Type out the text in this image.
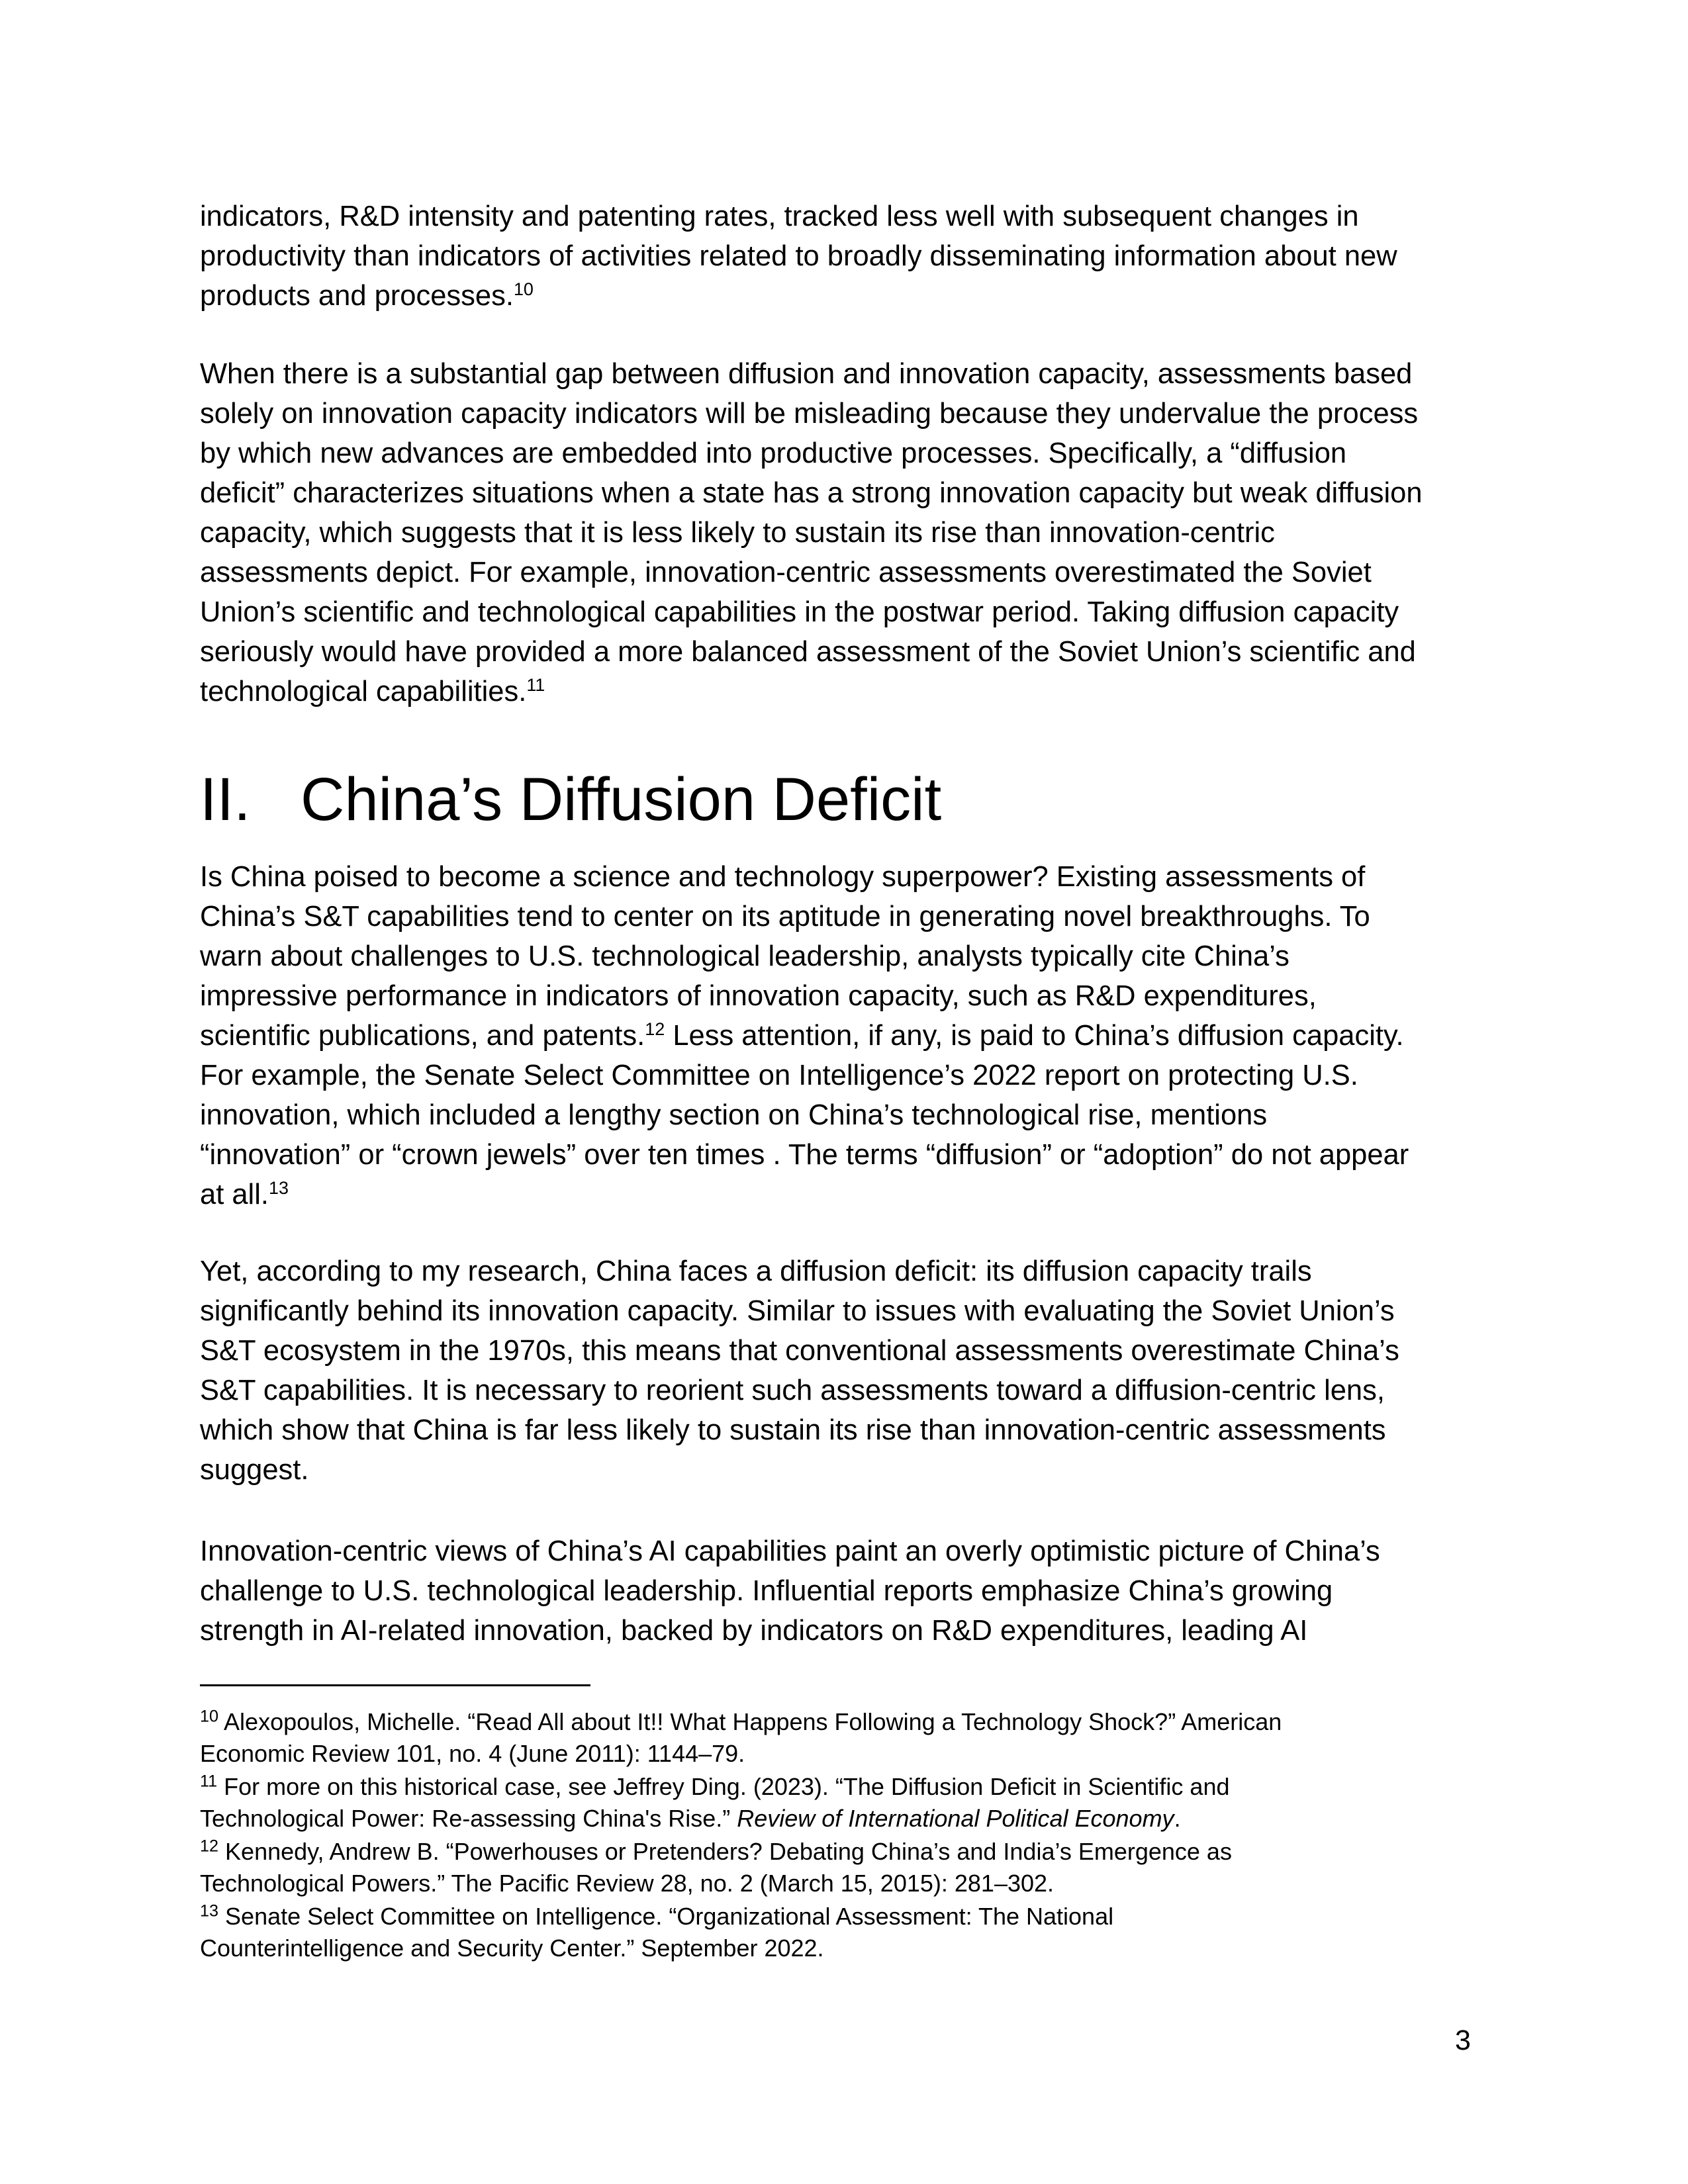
indicators, R&D intensity and patenting rates, tracked less well with subsequent changes in
productivity than indicators of activities related to broadly disseminating information about new
products and processes.$^{10}$
When there is a substantial gap between diffusion and innovation capacity, assessments based
solely on innovation capacity indicators will be misleading because they undervalue the process
by which new advances are embedded into productive processes. Specifically, a “diffusion
deficit” characterizes situations when a state has a strong innovation capacity but weak diffusion
capacity, which suggests that it is less likely to sustain its rise than innovation-centric
assessments depict. For example, innovation-centric assessments overestimated the Soviet
Union’s scientific and technological capabilities in the postwar period. Taking diffusion capacity
seriously would have provided a more balanced assessment of the Soviet Union’s scientific and
technological capabilities.$^{11}$
Is China poised to become a science and technology superpower? Existing assessments of
China’s S&T capabilities tend to center on its aptitude in generating novel breakthroughs. To
warn about challenges to U.S. technological leadership, analysts typically cite China’s
impressive performance in indicators of innovation capacity, such as R&D expenditures,
scientific publications, and patents.$^{12}$ Less attention, if any, is paid to China’s diffusion capacity.
For example, the Senate Select Committee on Intelligence’s 2022 report on protecting U.S.
innovation, which included a lengthy section on China’s technological rise, mentions
“innovation” or “crown jewels” over ten times . The terms “diffusion” or “adoption” do not appear
at all.$^{13}$
Yet, according to my research, China faces a diffusion deficit: its diffusion capacity trails
significantly behind its innovation capacity. Similar to issues with evaluating the Soviet Union’s
S&T ecosystem in the 1970s, this means that conventional assessments overestimate China’s
S&T capabilities. It is necessary to reorient such assessments toward a diffusion-centric lens,
which show that China is far less likely to sustain its rise than innovation-centric assessments
suggest.
Innovation-centric views of China’s AI capabilities paint an overly optimistic picture of China’s
challenge to U.S. technological leadership. Influential reports emphasize China’s growing
strength in AI-related innovation, backed by indicators on R&D expenditures, leading AI
II. China’s Diffusion Deficit
$^{10}$ Alexopoulos, Michelle. “Read All about It!! What Happens Following a Technology Shock?” American
Economic Review 101, no. 4 (June 2011): 1144–79.
$^{11}$ For more on this historical case, see Jeffrey Ding. (2023). “The Diffusion Deficit in Scientific and
Technological Power: Re-assessing China's Rise.” Review of International Political Economy.
$^{12}$ Kennedy, Andrew B. “Powerhouses or Pretenders? Debating China’s and India’s Emergence as
Technological Powers.” The Pacific Review 28, no. 2 (March 15, 2015): 281–302.
$^{13}$ Senate Select Committee on Intelligence. “Organizational Assessment: The National
Counterintelligence and Security Center.” September 2022.
3
